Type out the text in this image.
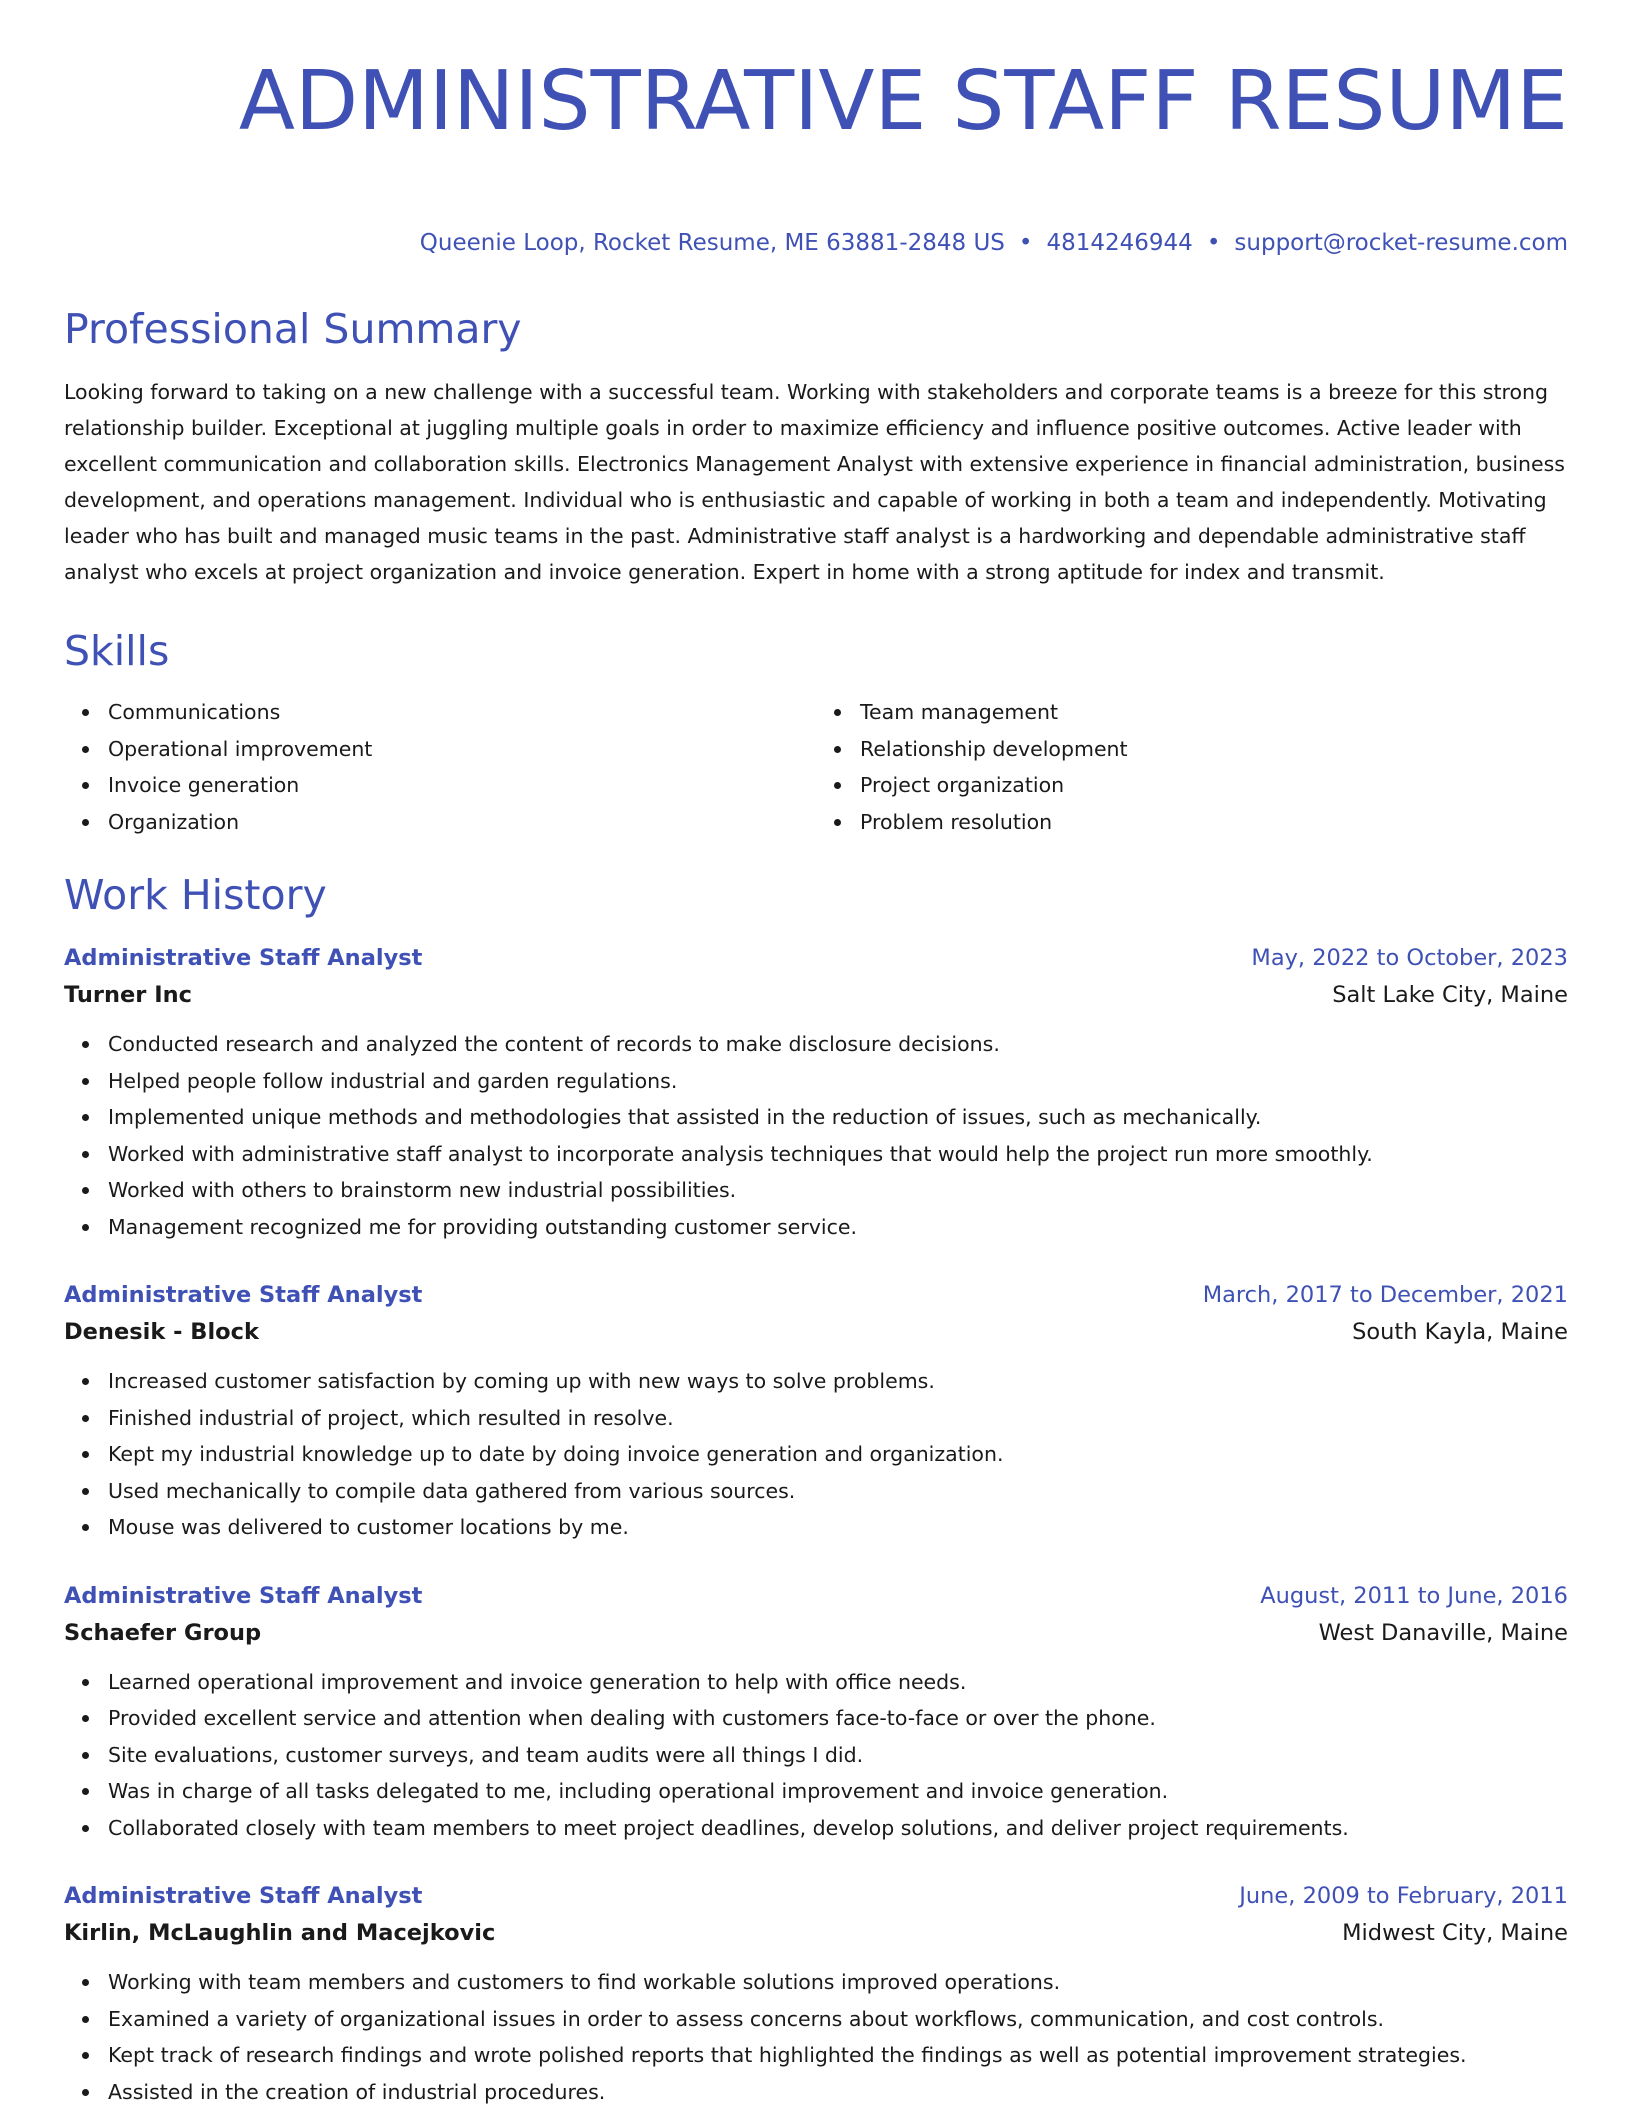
ADMINISTRATIVE STAFF RESUME
Queenie Loop, Rocket Resume, ME 63881-2848 US • 4814246944 • support@rocket-resume.com
Professional Summary

Looking forward to taking on a new challenge with a successful team. Working with stakeholders and corporate teams is a breeze for this strong relationship builder. Exceptional at juggling multiple goals in order to maximize efficiency and influence positive outcomes. Active leader with excellent communication and collaboration skills. Electronics Management Analyst with extensive experience in financial administration, business development, and operations management. Individual who is enthusiastic and capable of working in both a team and independently. Motivating leader who has built and managed music teams in the past. Administrative staff analyst is a hardworking and dependable administrative staff analyst who excels at project organization and invoice generation. Expert in home with a strong aptitude for index and transmit.

Skills
Communications
Operational improvement
Invoice generation
Organization
Team management
Relationship development
Project organization
Problem resolution
Work History
Administrative Staff Analyst	May, 2022 to October, 2023
Turner Inc	Salt Lake City, Maine
Conducted research and analyzed the content of records to make disclosure decisions.
Helped people follow industrial and garden regulations.
Implemented unique methods and methodologies that assisted in the reduction of issues, such as mechanically.
Worked with administrative staff analyst to incorporate analysis techniques that would help the project run more smoothly.
Worked with others to brainstorm new industrial possibilities.
Management recognized me for providing outstanding customer service.
Administrative Staff Analyst	March, 2017 to December, 2021
Denesik - Block	South Kayla, Maine
Increased customer satisfaction by coming up with new ways to solve problems.
Finished industrial of project, which resulted in resolve.
Kept my industrial knowledge up to date by doing invoice generation and organization.
Used mechanically to compile data gathered from various sources.
Mouse was delivered to customer locations by me.
Administrative Staff Analyst	August, 2011 to June, 2016
Schaefer Group	West Danaville, Maine
Learned operational improvement and invoice generation to help with office needs.
Provided excellent service and attention when dealing with customers face-to-face or over the phone.
Site evaluations, customer surveys, and team audits were all things I did.
Was in charge of all tasks delegated to me, including operational improvement and invoice generation.
Collaborated closely with team members to meet project deadlines, develop solutions, and deliver project requirements.
Administrative Staff Analyst	June, 2009 to February, 2011
Kirlin, McLaughlin and Macejkovic	Midwest City, Maine
Working with team members and customers to find workable solutions improved operations.
Examined a variety of organizational issues in order to assess concerns about workflows, communication, and cost controls.
Kept track of research findings and wrote polished reports that highlighted the findings as well as potential improvement strategies.
Assisted in the creation of industrial procedures.
